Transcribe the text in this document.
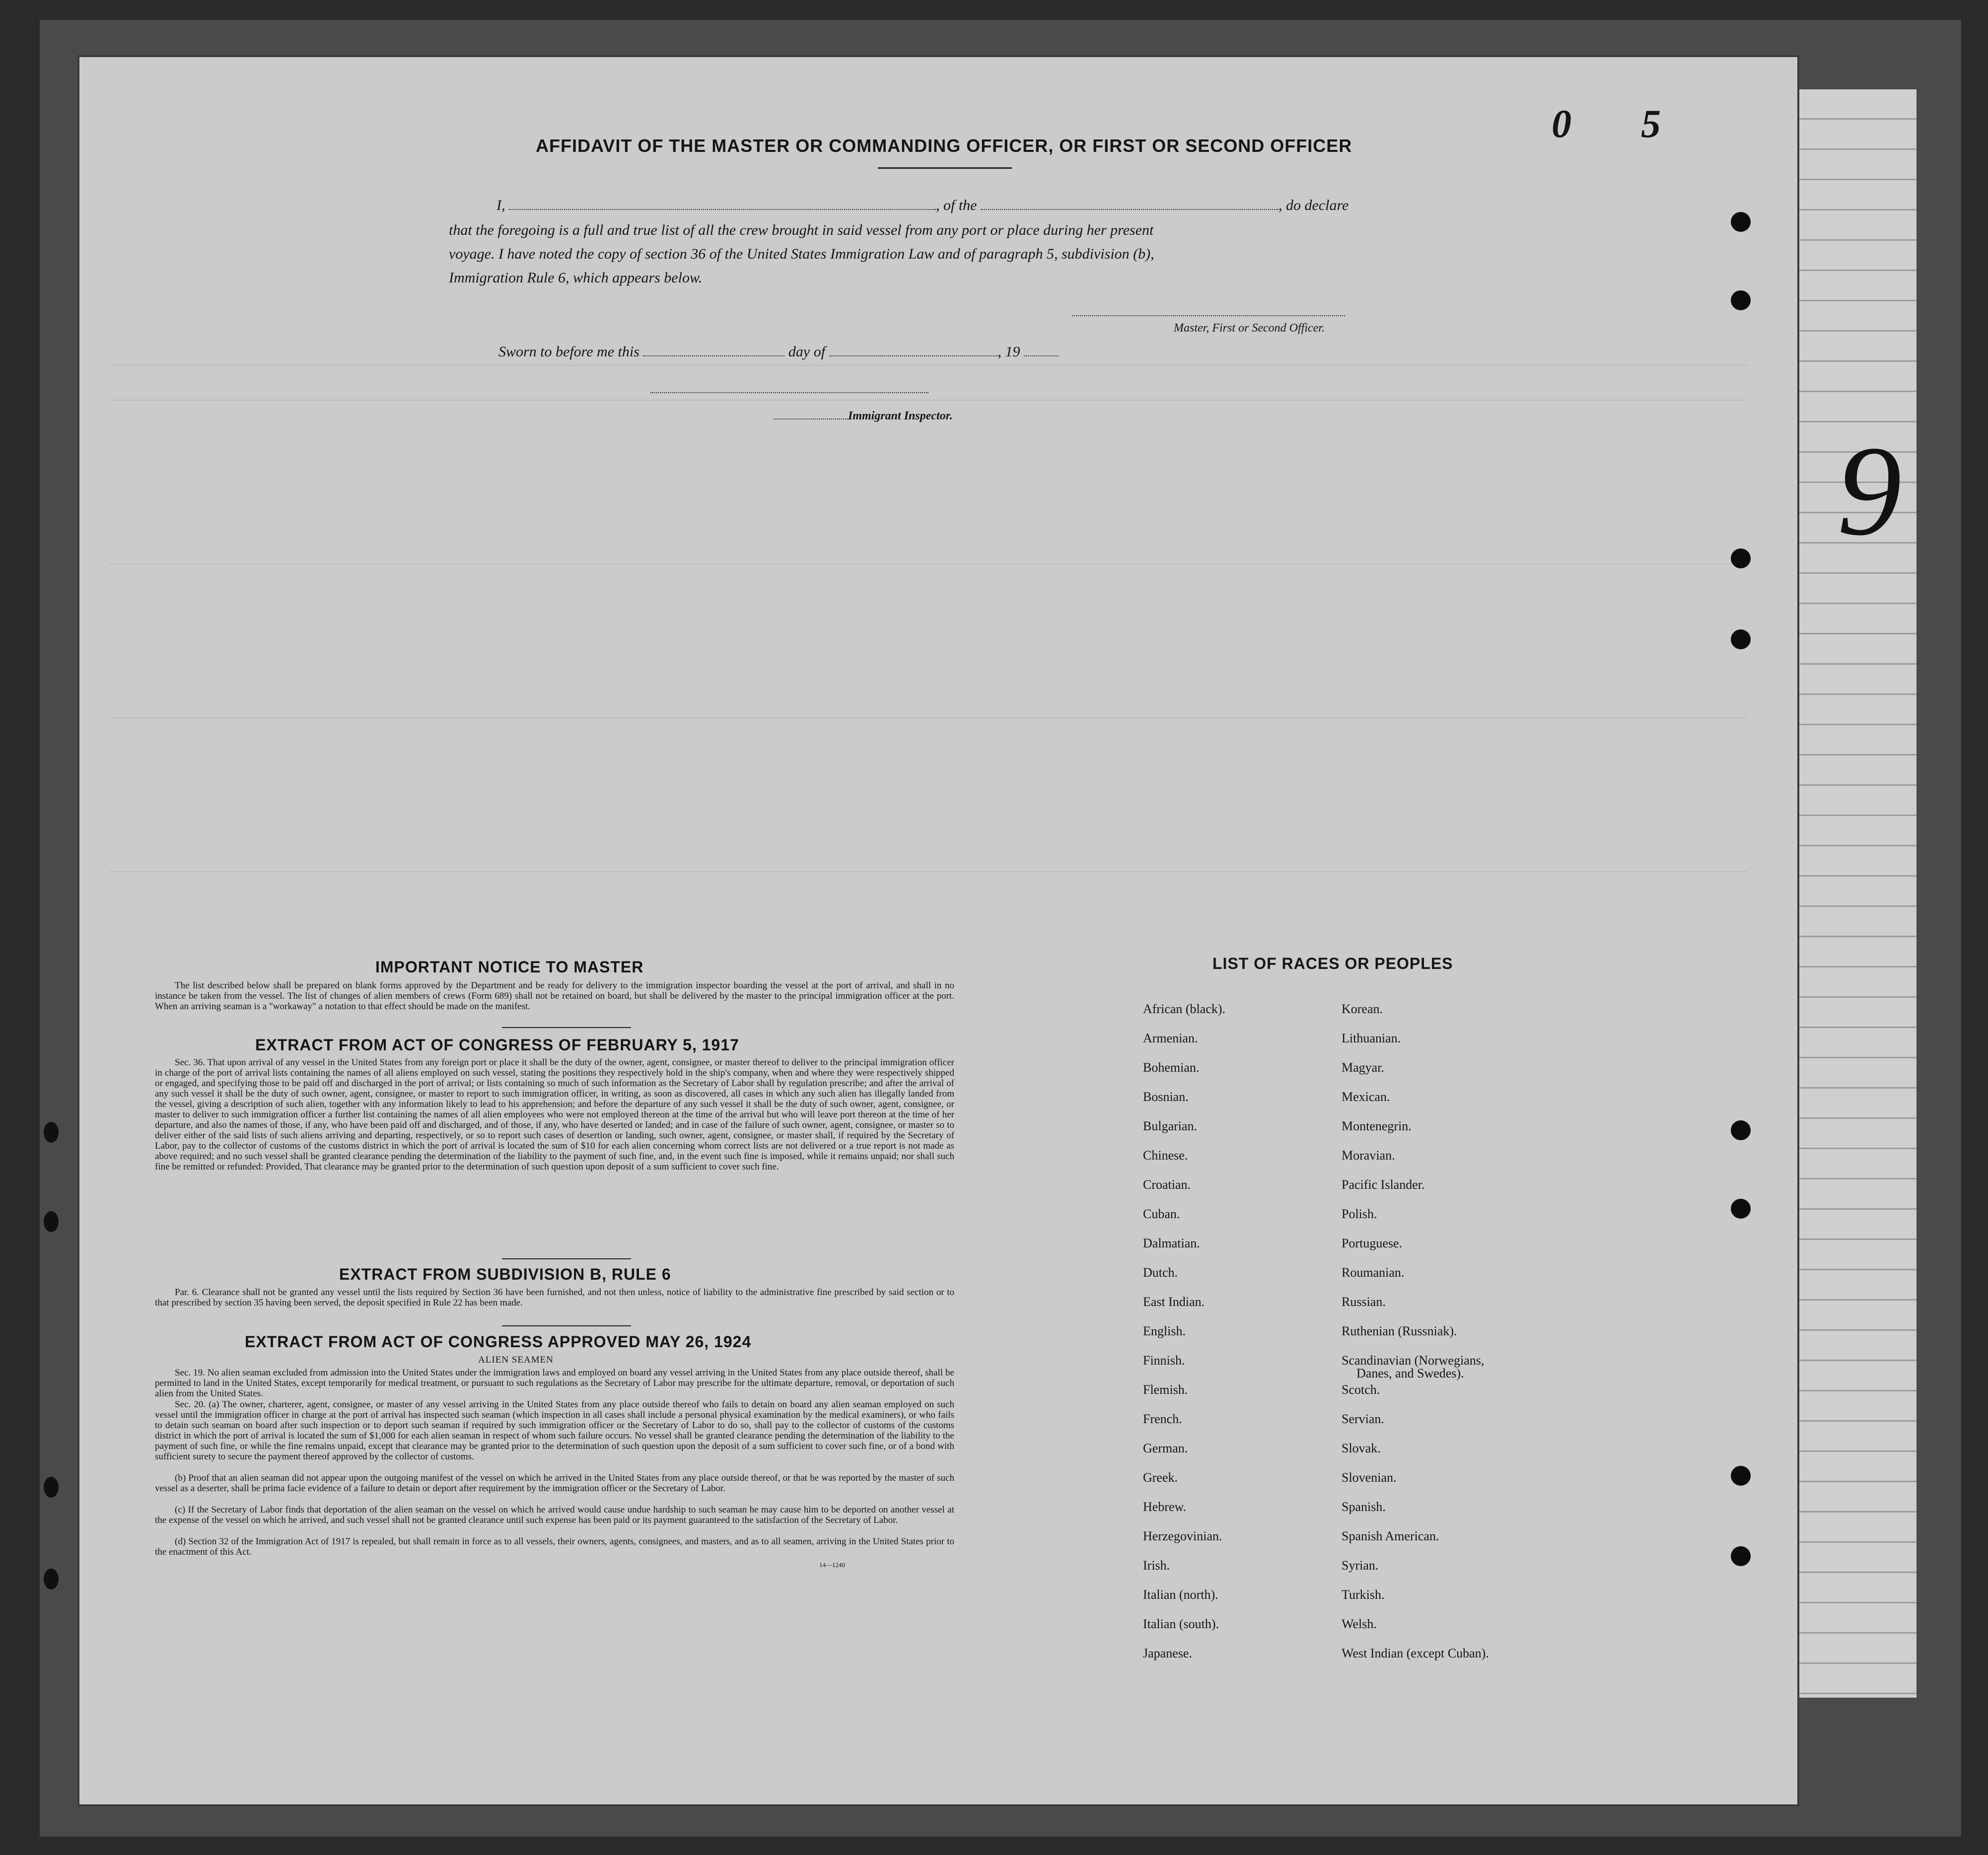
0 5
AFFIDAVIT OF THE MASTER OR COMMANDING OFFICER, OR FIRST OR SECOND OFFICER
I,	, of the	, do declare
that the foregoing is a full and true list of all the crew brought in said vessel from any port or place during her present
voyage. I have noted the copy of section 36 of the United States Immigration Law and of paragraph 5, subdivision (b),
Immigration Rule 6, which appears below.
Master, First or Second Officer.
Sworn to before me this	day of	, 19
Immigrant Inspector.
IMPORTANT NOTICE TO MASTER

The list described below shall be prepared on blank forms approved by the Department and be ready for delivery to the immigration inspector boarding the vessel at the port of arrival, and shall in no instance be taken from the vessel. The list of changes of alien members of crews (Form 689) shall not be retained on board, but shall be delivered by the master to the principal immigration officer at the port. When an arriving seaman is a "workaway" a notation to that effect should be made on the manifest.

EXTRACT FROM ACT OF CONGRESS OF FEBRUARY 5, 1917

Sec. 36. That upon arrival of any vessel in the United States from any foreign port or place it shall be the duty of the owner, agent, consignee, or master thereof to deliver to the principal immigration officer in charge of the port of arrival lists containing the names of all aliens employed on such vessel, stating the positions they respectively hold in the ship's company, when and where they were respectively shipped or engaged, and specifying those to be paid off and discharged in the port of arrival; or lists containing so much of such information as the Secretary of Labor shall by regulation prescribe; and after the arrival of any such vessel it shall be the duty of such owner, agent, consignee, or master to report to such immigration officer, in writing, as soon as discovered, all cases in which any such alien has illegally landed from the vessel, giving a description of such alien, together with any information likely to lead to his apprehension; and before the departure of any such vessel it shall be the duty of such owner, agent, consignee, or master to deliver to such immigration officer a further list containing the names of all alien employees who were not employed thereon at the time of the arrival but who will leave port thereon at the time of her departure, and also the names of those, if any, who have been paid off and discharged, and of those, if any, who have deserted or landed; and in case of the failure of such owner, agent, consignee, or master so to deliver either of the said lists of such aliens arriving and departing, respectively, or so to report such cases of desertion or landing, such owner, agent, consignee, or master shall, if required by the Secretary of Labor, pay to the collector of customs of the customs district in which the port of arrival is located the sum of $10 for each alien concerning whom correct lists are not delivered or a true report is not made as above required; and no such vessel shall be granted clearance pending the determination of the liability to the payment of such fine, and, in the event such fine is imposed, while it remains unpaid; nor shall such fine be remitted or refunded: Provided, That clearance may be granted prior to the determination of such question upon deposit of a sum sufficient to cover such fine.

EXTRACT FROM SUBDIVISION B, RULE 6

Par. 6. Clearance shall not be granted any vessel until the lists required by Section 36 have been furnished, and not then unless, notice of liability to the administrative fine prescribed by said section or to that prescribed by section 35 having been served, the deposit specified in Rule 22 has been made.

EXTRACT FROM ACT OF CONGRESS APPROVED MAY 26, 1924
ALIEN SEAMEN

Sec. 19. No alien seaman excluded from admission into the United States under the immigration laws and employed on board any vessel arriving in the United States from any place outside thereof, shall be permitted to land in the United States, except temporarily for medical treatment, or pursuant to such regulations as the Secretary of Labor may prescribe for the ultimate departure, removal, or deportation of such alien from the United States.

Sec. 20. (a) The owner, charterer, agent, consignee, or master of any vessel arriving in the United States from any place outside thereof who fails to detain on board any alien seaman employed on such vessel until the immigration officer in charge at the port of arrival has inspected such seaman (which inspection in all cases shall include a personal physical examination by the medical examiners), or who fails to detain such seaman on board after such inspection or to deport such seaman if required by such immigration officer or the Secretary of Labor to do so, shall pay to the collector of customs of the customs district in which the port of arrival is located the sum of $1,000 for each alien seaman in respect of whom such failure occurs. No vessel shall be granted clearance pending the determination of the liability to the payment of such fine, or while the fine remains unpaid, except that clearance may be granted prior to the determination of such question upon the deposit of a sum sufficient to cover such fine, or of a bond with sufficient surety to secure the payment thereof approved by the collector of customs.

(b) Proof that an alien seaman did not appear upon the outgoing manifest of the vessel on which he arrived in the United States from any place outside thereof, or that he was reported by the master of such vessel as a deserter, shall be prima facie evidence of a failure to detain or deport after requirement by the immigration officer or the Secretary of Labor.

(c) If the Secretary of Labor finds that deportation of the alien seaman on the vessel on which he arrived would cause undue hardship to such seaman he may cause him to be deported on another vessel at the expense of the vessel on which he arrived, and such vessel shall not be granted clearance until such expense has been paid or its payment guaranteed to the satisfaction of the Secretary of Labor.

(d) Section 32 of the Immigration Act of 1917 is repealed, but shall remain in force as to all vessels, their owners, agents, consignees, and masters, and as to all seamen, arriving in the United States prior to the enactment of this Act.

14—1240
LIST OF RACES OR PEOPLES
African (black).
Armenian.
Bohemian.
Bosnian.
Bulgarian.
Chinese.
Croatian.
Cuban.
Dalmatian.
Dutch.
East Indian.
English.
Finnish.
Flemish.
French.
German.
Greek.
Hebrew.
Herzegovinian.
Irish.
Italian (north).
Italian (south).
Japanese.
Korean.
Lithuanian.
Magyar.
Mexican.
Montenegrin.
Moravian.
Pacific Islander.
Polish.
Portuguese.
Roumanian.
Russian.
Ruthenian (Russniak).
Scandinavian (Norwegians,
Danes, and Swedes).
Scotch.
Servian.
Slovak.
Slovenian.
Spanish.
Spanish American.
Syrian.
Turkish.
Welsh.
West Indian (except Cuban).
9
